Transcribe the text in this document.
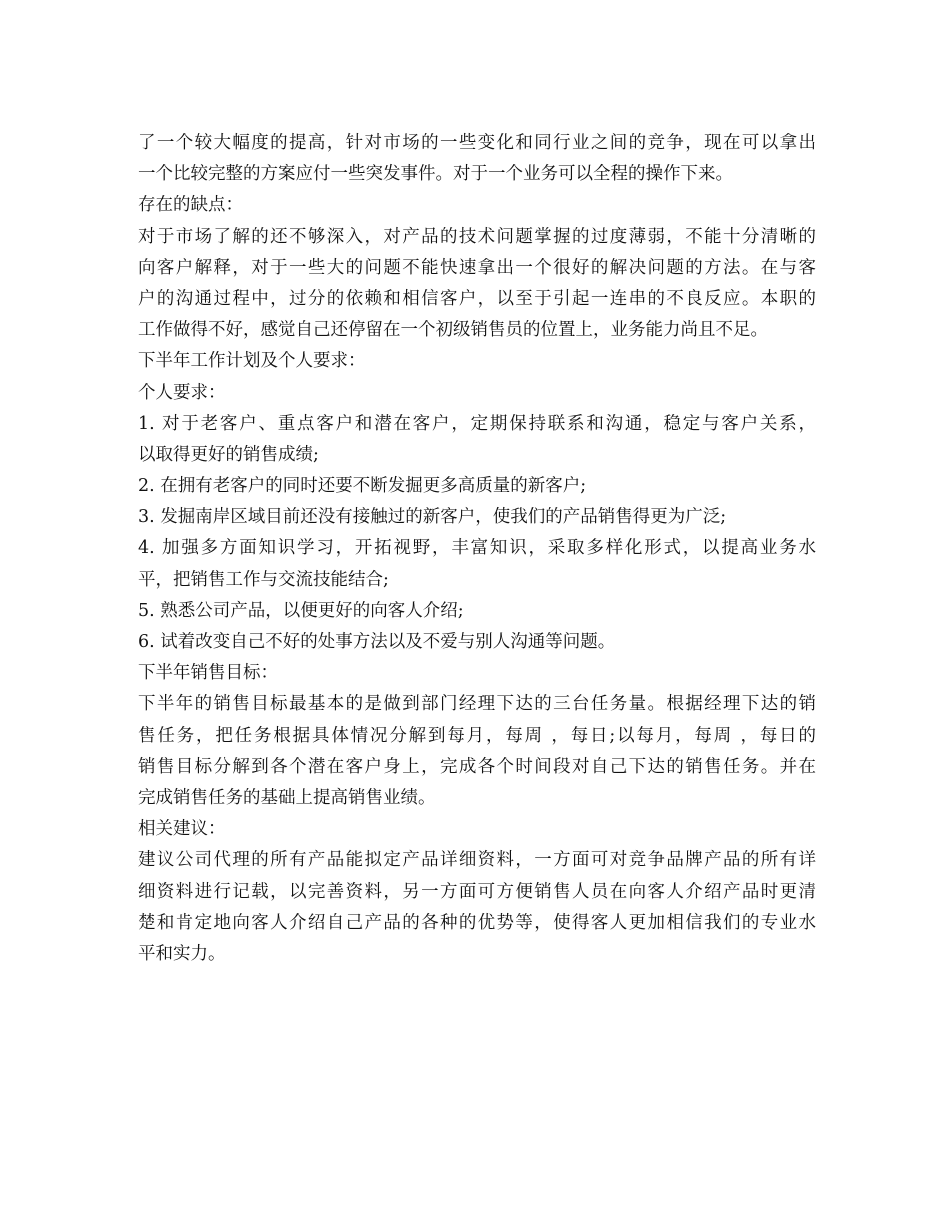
了一个较大幅度的提高，针对市场的一些变化和同行业之间的竞争，现在可以拿出
一个比较完整的方案应付一些突发事件。对于一个业务可以全程的操作下来。
存在的缺点：
对于市场了解的还不够深入，对产品的技术问题掌握的过度薄弱，不能十分清晰的
向客户解释，对于一些大的问题不能快速拿出一个很好的解决问题的方法。在与客
户的沟通过程中，过分的依赖和相信客户，以至于引起一连串的不良反应。本职的
工作做得不好，感觉自己还停留在一个初级销售员的位置上，业务能力尚且不足。
下半年工作计划及个人要求：
个人要求：
1. 对于老客户、重点客户和潜在客户，定期保持联系和沟通，稳定与客户关系，
以取得更好的销售成绩;
2. 在拥有老客户的同时还要不断发掘更多高质量的新客户;
3. 发掘南岸区域目前还没有接触过的新客户，使我们的产品销售得更为广泛;
4. 加强多方面知识学习，开拓视野，丰富知识，采取多样化形式，以提高业务水
平，把销售工作与交流技能结合;
5. 熟悉公司产品，以便更好的向客人介绍;
6. 试着改变自己不好的处事方法以及不爱与别人沟通等问题。
下半年销售目标：
下半年的销售目标最基本的是做到部门经理下达的三台任务量。根据经理下达的销
售任务，把任务根据具体情况分解到每月，每周 ，每日;以每月，每周 ，每日的
销售目标分解到各个潜在客户身上，完成各个时间段对自己下达的销售任务。并在
完成销售任务的基础上提高销售业绩。
相关建议：
建议公司代理的所有产品能拟定产品详细资料，一方面可对竞争品牌产品的所有详
细资料进行记载，以完善资料，另一方面可方便销售人员在向客人介绍产品时更清
楚和肯定地向客人介绍自己产品的各种的优势等，使得客人更加相信我们的专业水
平和实力。
